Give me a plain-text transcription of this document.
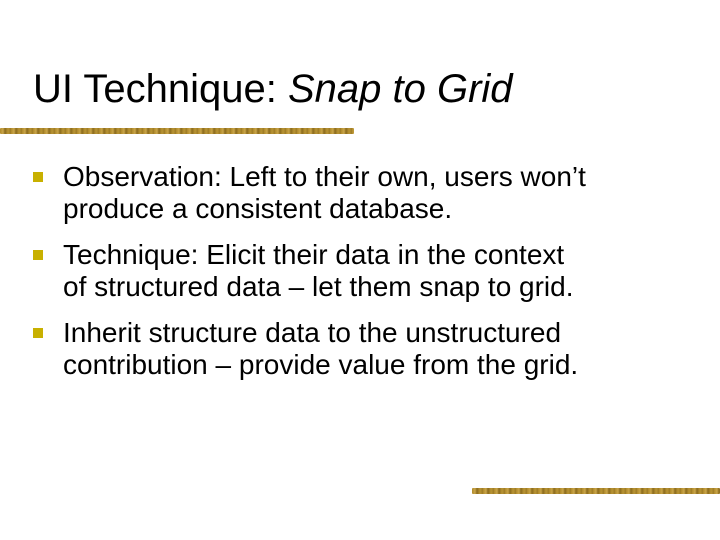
UI Technique: Snap to Grid
Observation: Left to their own, users won’t
produce a consistent database.
Technique: Elicit their data in the context
of structured data – let them snap to grid.
Inherit structure data to the unstructured
contribution – provide value from the grid.
